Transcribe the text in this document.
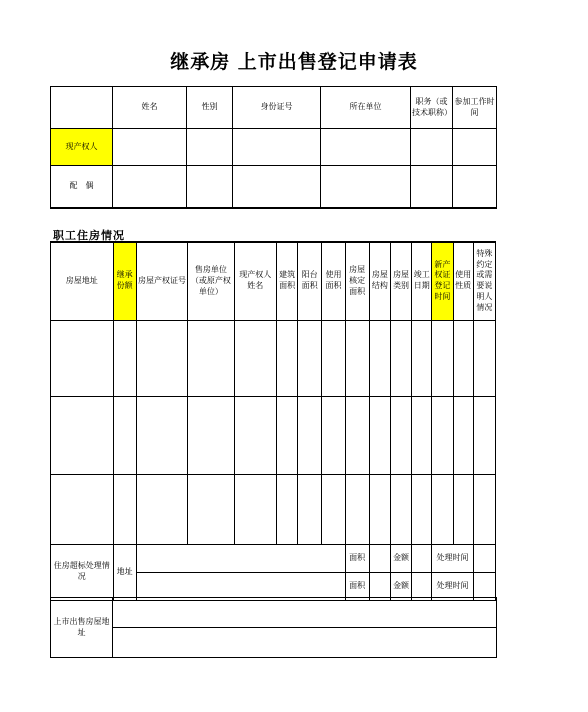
继承房 上市出售登记申请表
	姓名	性别	身份证号	所在单位	职务（或技术职称）	参加工作时间
现产权人						
配　偶						
职工住房情况
房屋地址	继承份额	房屋产权证号	售房单位（或原产权单位）	现产权人姓名	建筑面积	阳台面积	使用面积	房屋核定面积	房屋结构	房屋类别	竣工日期	新产权证登记时间	使用性质	特殊约定或需要说明人情况

住房超标处理情况	地址							面积		金额		处理时间		
								面积		金额		处理时间		
上市出售房屋地址	
